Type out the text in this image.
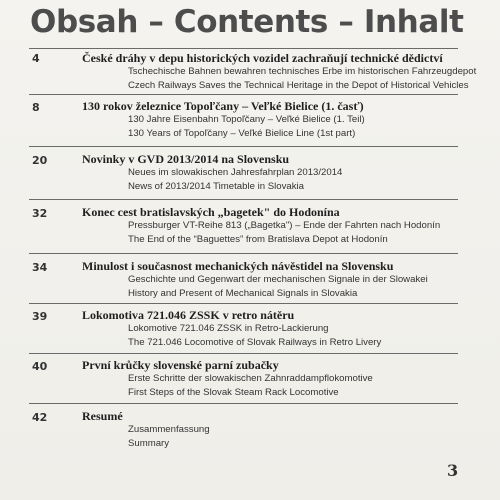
Obsah – Contents – Inhalt
4	České dráhy v depu historických vozidel zachraňují technické dědictví
Tschechische Bahnen bewahren technisches Erbe im historischen Fahrzeugdepot
Czech Railways Saves the Technical Heritage in the Depot of Historical Vehicles
8	130 rokov železnice Topoľčany – Veľké Bielice (1. časť)
130 Jahre Eisenbahn Topoľčany – Veľké Bielice (1. Teil)
130 Years of Topoľčany – Veľké Bielice Line (1st part)
20	Novinky v GVD 2013/2014 na Slovensku
Neues im slowakischen Jahresfahrplan 2013/2014
News of 2013/2014 Timetable in Slovakia
32	Konec cest bratislavských „bagetek" do Hodonína
Pressburger VT-Reihe 813 („Bagetka") – Ende der Fahrten nach Hodonín
The End of the “Baguettes” from Bratislava Depot at Hodonín
34	Minulost i současnost mechanických návěstidel na Slovensku
Geschichte und Gegenwart der mechanischen Signale in der Slowakei
History and Present of Mechanical Signals in Slovakia
39	Lokomotiva 721.046 ZSSK v retro nátěru
Lokomotive 721.046 ZSSK in Retro-Lackierung
The 721.046 Locomotive of Slovak Railways in Retro Livery
40	První krůčky slovenské parní zubačky
Erste Schritte der slowakischen Zahnraddampflokomotive
First Steps of the Slovak Steam Rack Locomotive
42	Resumé
Zusammenfassung
Summary
3
